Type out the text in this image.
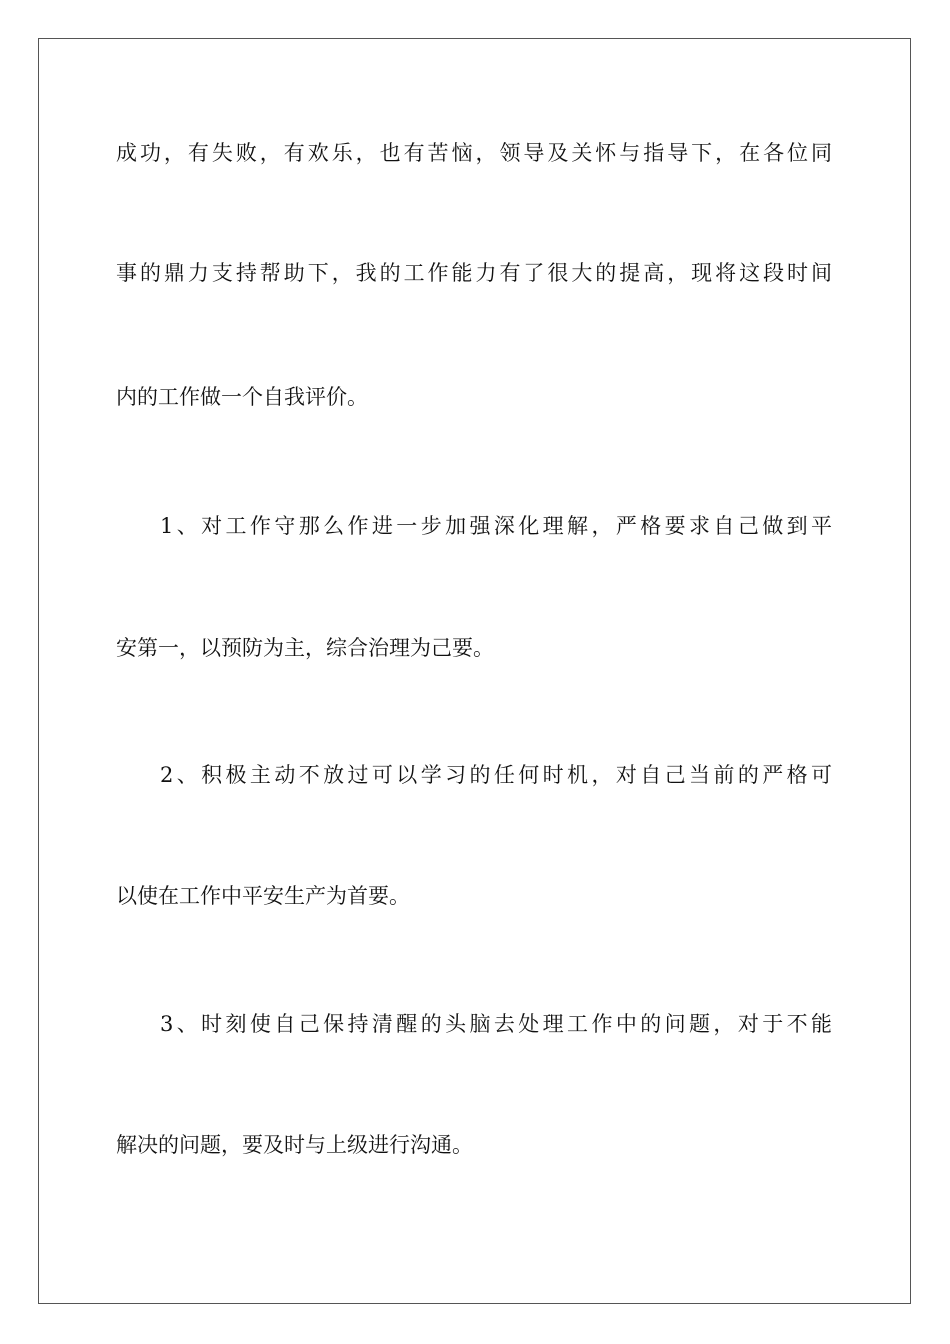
成功，有失败，有欢乐，也有苦恼，领导及关怀与指导下，在各位同
事的鼎力支持帮助下，我的工作能力有了很大的提高，现将这段时间
内的工作做一个自我评价。
1、对工作守那么作进一步加强深化理解，严格要求自己做到平
安第一，以预防为主，综合治理为己要。
2、积极主动不放过可以学习的任何时机，对自己当前的严格可
以使在工作中平安生产为首要。
3、时刻使自己保持清醒的头脑去处理工作中的问题，对于不能
解决的问题，要及时与上级进行沟通。
